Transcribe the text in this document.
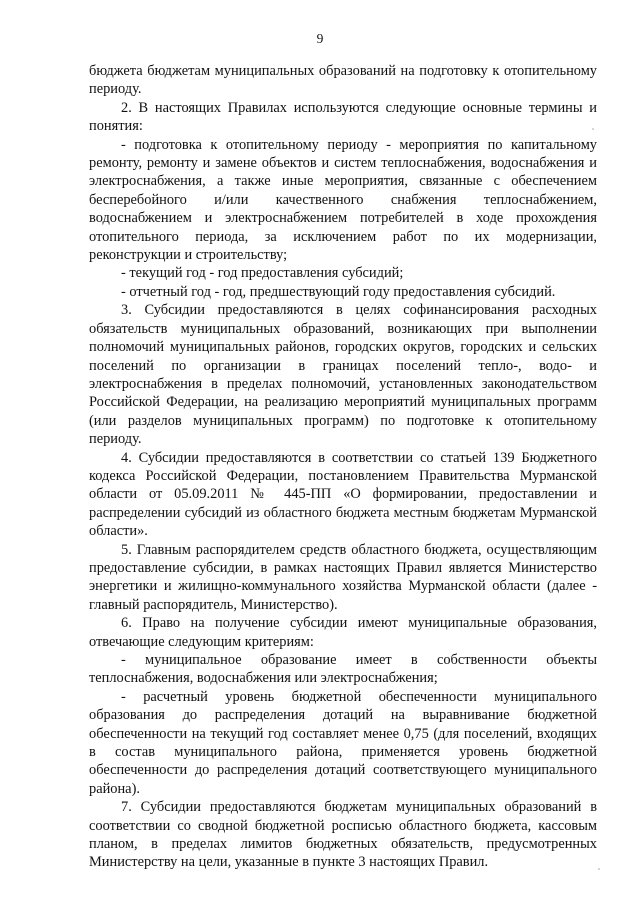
9

бюджета бюджетам муниципальных образований на подготовку к отопительному периоду.

2. В настоящих Правилах используются следующие основные термины и понятия:

- подготовка к отопительному периоду - мероприятия по капитальному ремонту, ремонту и замене объектов и систем теплоснабжения, водоснабжения и электроснабжения, а также иные мероприятия, связанные с обеспечением бесперебойного и/или качественного снабжения теплоснабжением, водоснабжением и электроснабжением потребителей в ходе прохождения отопительного периода, за исключением работ по их модернизации, реконструкции и строительству;

- текущий год - год предоставления субсидий;

- отчетный год - год, предшествующий году предоставления субсидий.

3. Субсидии предоставляются в целях софинансирования расходных обязательств муниципальных образований, возникающих при выполнении полномочий муниципальных районов, городских округов, городских и сельских поселений по организации в границах поселений тепло-, водо- и электроснабжения в пределах полномочий, установленных законодательством Российской Федерации, на реализацию мероприятий муниципальных программ (или разделов муниципальных программ) по подготовке к отопительному периоду.

4. Субсидии предоставляются в соответствии со статьей 139 Бюджетного кодекса Российской Федерации, постановлением Правительства Мурманской области от 05.09.2011 № 445-ПП «О формировании, предоставлении и распределении субсидий из областного бюджета местным бюджетам Мурманской области».

5. Главным распорядителем средств областного бюджета, осуществляющим предоставление субсидии, в рамках настоящих Правил является Министерство энергетики и жилищно-коммунального хозяйства Мурманской области (далее - главный распорядитель, Министерство).

6. Право на получение субсидии имеют муниципальные образования, отвечающие следующим критериям:

- муниципальное образование имеет в собственности объекты теплоснабжения, водоснабжения или электроснабжения;

- расчетный уровень бюджетной обеспеченности муниципального образования до распределения дотаций на выравнивание бюджетной обеспеченности на текущий год составляет менее 0,75 (для поселений, входящих в состав муниципального района, применяется уровень бюджетной обеспеченности до распределения дотаций соответствующего муниципального района).

7. Субсидии предоставляются бюджетам муниципальных образований в соответствии со сводной бюджетной росписью областного бюджета, кассовым планом, в пределах лимитов бюджетных обязательств, предусмотренных Министерству на цели, указанные в пункте 3 настоящих Правил.
